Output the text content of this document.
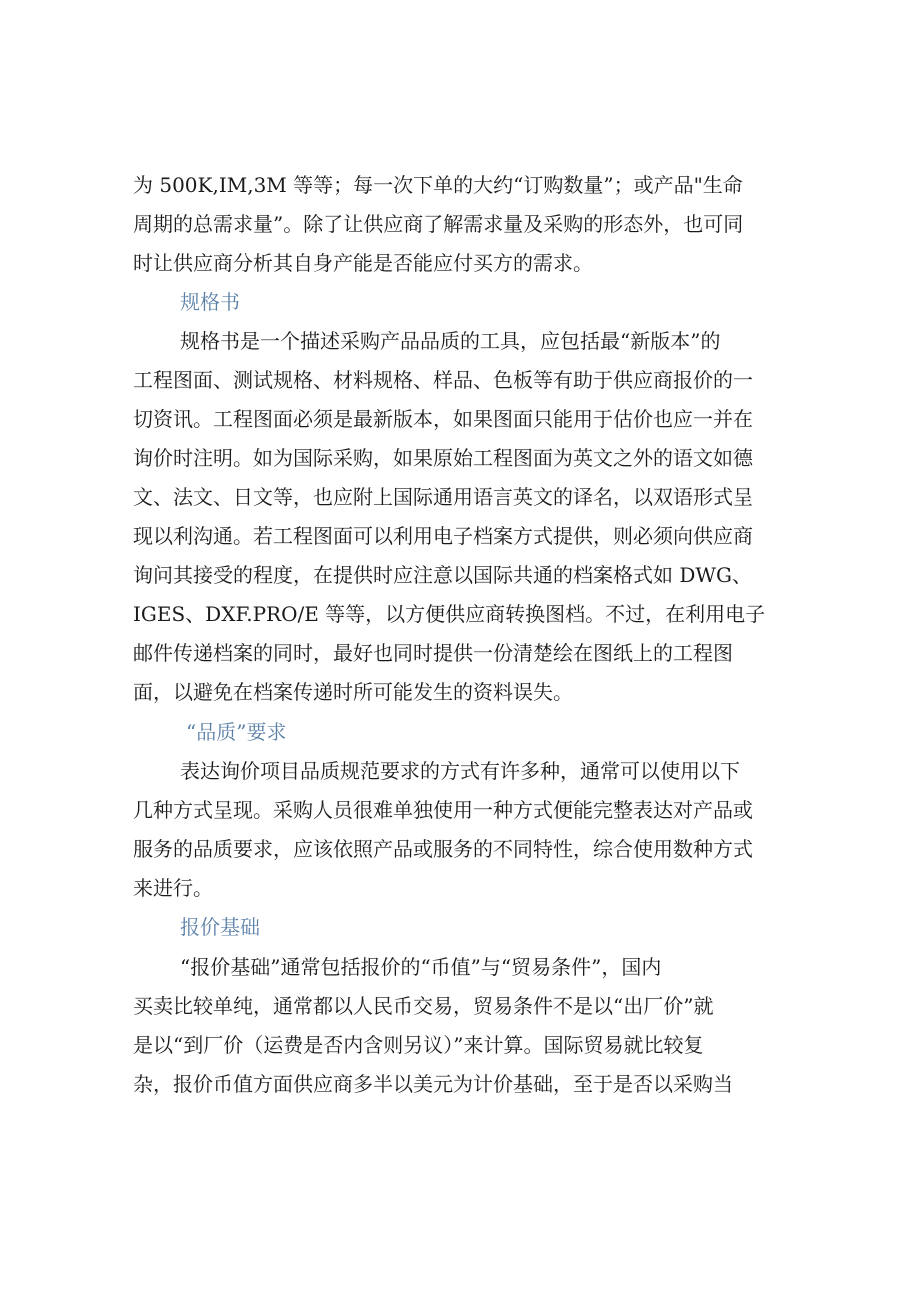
为 500K,IM,3M 等等；每一次下单的大约“订购数量”；或产品"生命
周期的总需求量”。除了让供应商了解需求量及采购的形态外，也可同
时让供应商分析其自身产能是否能应付买方的需求。
规格书
规格书是一个描述采购产品品质的工具，应包括最“新版本”的
工程图面、测试规格、材料规格、样品、色板等有助于供应商报价的一
切资讯。工程图面必须是最新版本，如果图面只能用于估价也应一并在
询价时注明。如为国际采购，如果原始工程图面为英文之外的语文如德
文、法文、日文等，也应附上国际通用语言英文的译名，以双语形式呈
现以利沟通。若工程图面可以利用电子档案方式提供，则必须向供应商
询问其接受的程度，在提供时应注意以国际共通的档案格式如 DWG、
IGES、DXF.PRO/E 等等，以方便供应商转换图档。不过，在利用电子
邮件传递档案的同时，最好也同时提供一份清楚绘在图纸上的工程图
面，以避免在档案传递时所可能发生的资料误失。
“品质”要求
表达询价项目品质规范要求的方式有许多种，通常可以使用以下
几种方式呈现。采购人员很难单独使用一种方式便能完整表达对产品或
服务的品质要求，应该依照产品或服务的不同特性，综合使用数种方式
来进行。
报价基础
“报价基础”通常包括报价的“币值”与“贸易条件”，国内
买卖比较单纯，通常都以人民币交易，贸易条件不是以“出厂价”就
是以“到厂价（运费是否内含则另议）”来计算。国际贸易就比较复
杂，报价币值方面供应商多半以美元为计价基础，至于是否以采购当
